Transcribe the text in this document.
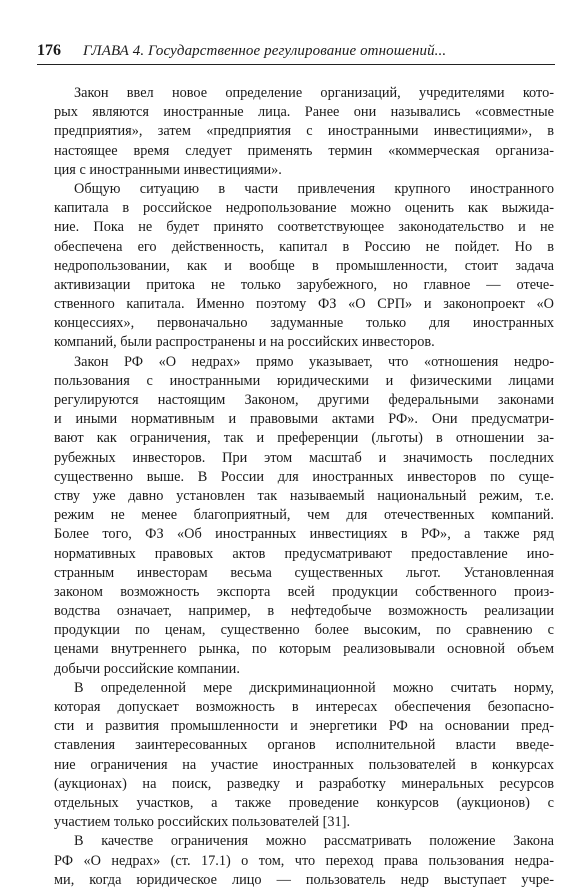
176 ГЛАВА 4. Государственное регулирование отношений...
Закон ввел новое определение организаций, учредителями кото-
рых являются иностранные лица. Ранее они назывались «совместные
предприятия», затем «предприятия с иностранными инвестициями», в
настоящее время следует применять термин «коммерческая организа-
ция с иностранными инвестициями».
Общую ситуацию в части привлечения крупного иностранного
капитала в российское недропользование можно оценить как выжида-
ние. Пока не будет принято соответствующее законодательство и не
обеспечена его действенность, капитал в Россию не пойдет. Но в
недропользовании, как и вообще в промышленности, стоит задача
активизации притока не только зарубежного, но главное — отече-
ственного капитала. Именно поэтому ФЗ «О СРП» и законопроект «О
концессиях», первоначально задуманные только для иностранных
компаний, были распространены и на российских инвесторов.
Закон РФ «О недрах» прямо указывает, что «отношения недро-
пользования с иностранными юридическими и физическими лицами
регулируются настоящим Законом, другими федеральными законами
и иными нормативным и правовыми актами РФ». Они предусматри-
вают как ограничения, так и преференции (льготы) в отношении за-
рубежных инвесторов. При этом масштаб и значимость последних
существенно выше. В России для иностранных инвесторов по суще-
ству уже давно установлен так называемый национальный режим, т.е.
режим не менее благоприятный, чем для отечественных компаний.
Более того, ФЗ «Об иностранных инвестициях в РФ», а также ряд
нормативных правовых актов предусматривают предоставление ино-
странным инвесторам весьма существенных льгот. Установленная
законом возможность экспорта всей продукции собственного произ-
водства означает, например, в нефтедобыче возможность реализации
продукции по ценам, существенно более высоким, по сравнению с
ценами внутреннего рынка, по которым реализовывали основной объем
добычи российские компании.
В определенной мере дискриминационной можно считать норму,
которая допускает возможность в интересах обеспечения безопасно-
сти и развития промышленности и энергетики РФ на основании пред-
ставления заинтересованных органов исполнительной власти введе-
ние ограничения на участие иностранных пользователей в конкурсах
(аукционах) на поиск, разведку и разработку минеральных ресурсов
отдельных участков, а также проведение конкурсов (аукционов) с
участием только российских пользователей [31].
В качестве ограничения можно рассматривать положение Закона
РФ «О недрах» (ст. 17.1) о том, что переход права пользования недра-
ми, когда юридическое лицо — пользователь недр выступает учре-
